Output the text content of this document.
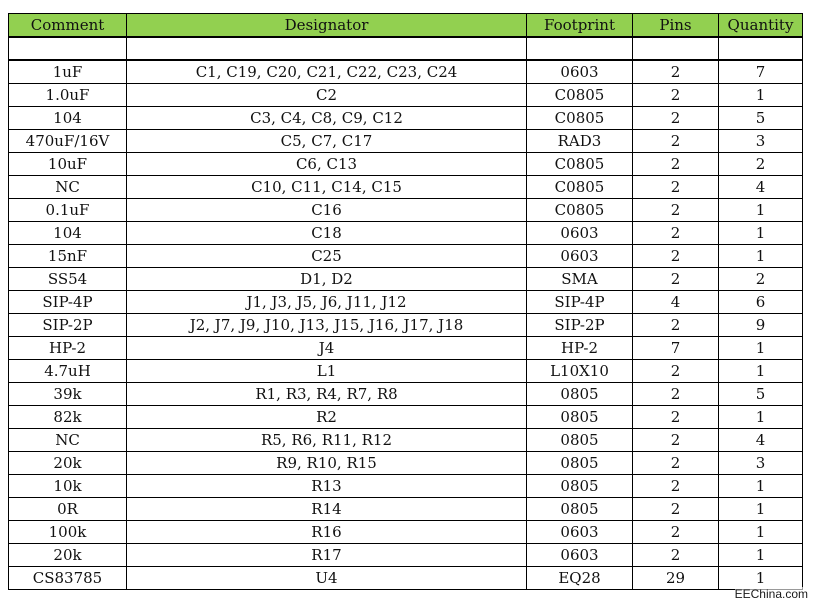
Comment	Designator	Footprint	Pins	Quantity

1uF	C1, C19, C20, C21, C22, C23, C24	0603	2	7
1.0uF	C2	C0805	2	1
104	C3, C4, C8, C9, C12	C0805	2	5
470uF/16V	C5, C7, C17	RAD3	2	3
10uF	C6, C13	C0805	2	2
NC	C10, C11, C14, C15	C0805	2	4
0.1uF	C16	C0805	2	1
104	C18	0603	2	1
15nF	C25	0603	2	1
SS54	D1, D2	SMA	2	2
SIP-4P	J1, J3, J5, J6, J11, J12	SIP-4P	4	6
SIP-2P	J2, J7, J9, J10, J13, J15, J16, J17, J18	SIP-2P	2	9
HP-2	J4	HP-2	7	1
4.7uH	L1	L10X10	2	1
39k	R1, R3, R4, R7, R8	0805	2	5
82k	R2	0805	2	1
NC	R5, R6, R11, R12	0805	2	4
20k	R9, R10, R15	0805	2	3
10k	R13	0805	2	1
0R	R14	0805	2	1
100k	R16	0603	2	1
20k	R17	0603	2	1
CS83785	U4	EQ28	29	1
EEChina.com
